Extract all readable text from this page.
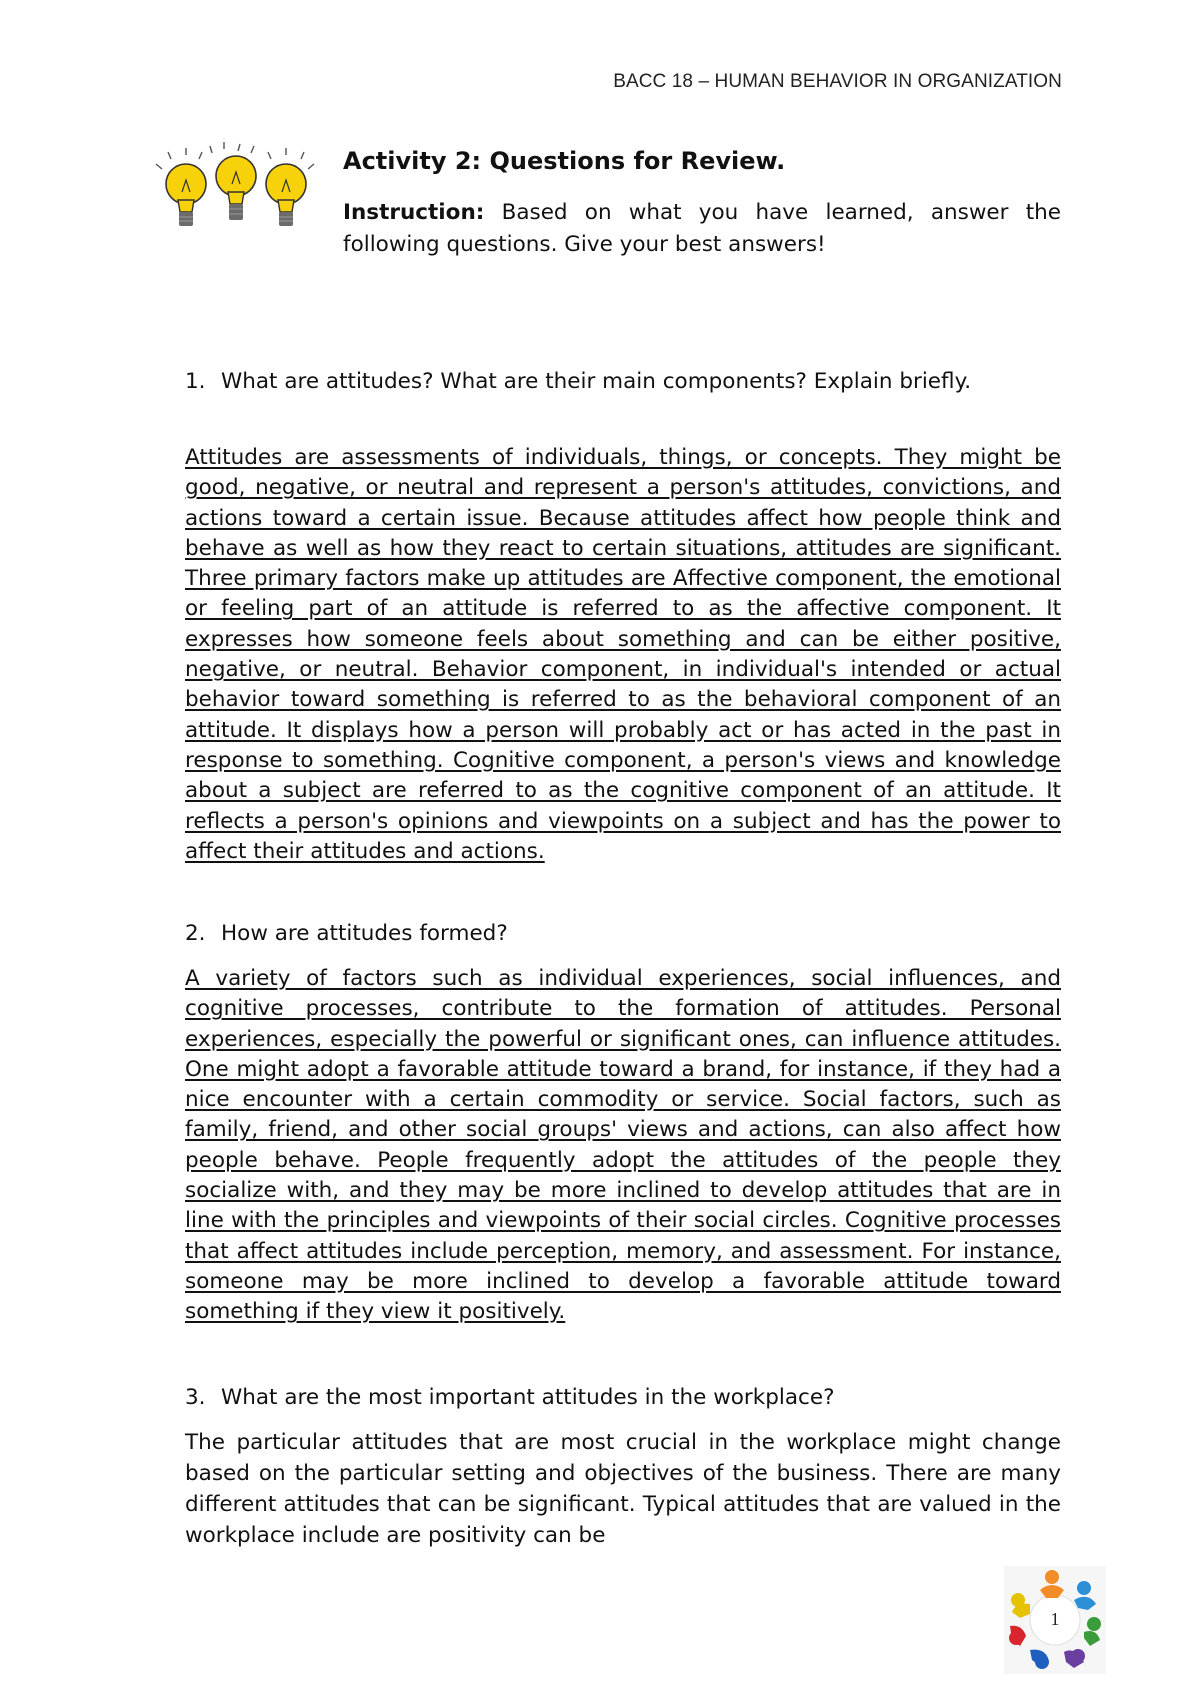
BACC 18 – HUMAN BEHAVIOR IN ORGANIZATION
Activity 2: Questions for Review.

Instruction: Based on what you have learned, answer the following questions. Give your best answers!

1. What are attitudes? What are their main components? Explain briefly.

Attitudes are assessments of individuals, things, or concepts. They might be good, negative, or neutral and represent a person's attitudes, convictions, and actions toward a certain issue. Because attitudes affect how people think and behave as well as how they react to certain situations, attitudes are significant. Three primary factors make up attitudes are Affective component, the emotional or feeling part of an attitude is referred to as the affective component. It expresses how someone feels about something and can be either positive, negative, or neutral. Behavior component, in individual's intended or actual behavior toward something is referred to as the behavioral component of an attitude. It displays how a person will probably act or has acted in the past in response to something. Cognitive component, a person's views and knowledge about a subject are referred to as the cognitive component of an attitude. It reflects a person's opinions and viewpoints on a subject and has the power to affect their attitudes and actions.

2. How are attitudes formed?

A variety of factors such as individual experiences, social influences, and cognitive processes, contribute to the formation of attitudes. Personal experiences, especially the powerful or significant ones, can influence attitudes. One might adopt a favorable attitude toward a brand, for instance, if they had a nice encounter with a certain commodity or service. Social factors, such as family, friend, and other social groups' views and actions, can also affect how people behave. People frequently adopt the attitudes of the people they socialize with, and they may be more inclined to develop attitudes that are in line with the principles and viewpoints of their social circles. Cognitive processes that affect attitudes include perception, memory, and assessment. For instance, someone may be more inclined to develop a favorable attitude toward something if they view it positively.

3. What are the most important attitudes in the workplace?

The particular attitudes that are most crucial in the workplace might change based on the particular setting and objectives of the business. There are many different attitudes that can be significant. Typical attitudes that are valued in the workplace include are positivity can be

1
